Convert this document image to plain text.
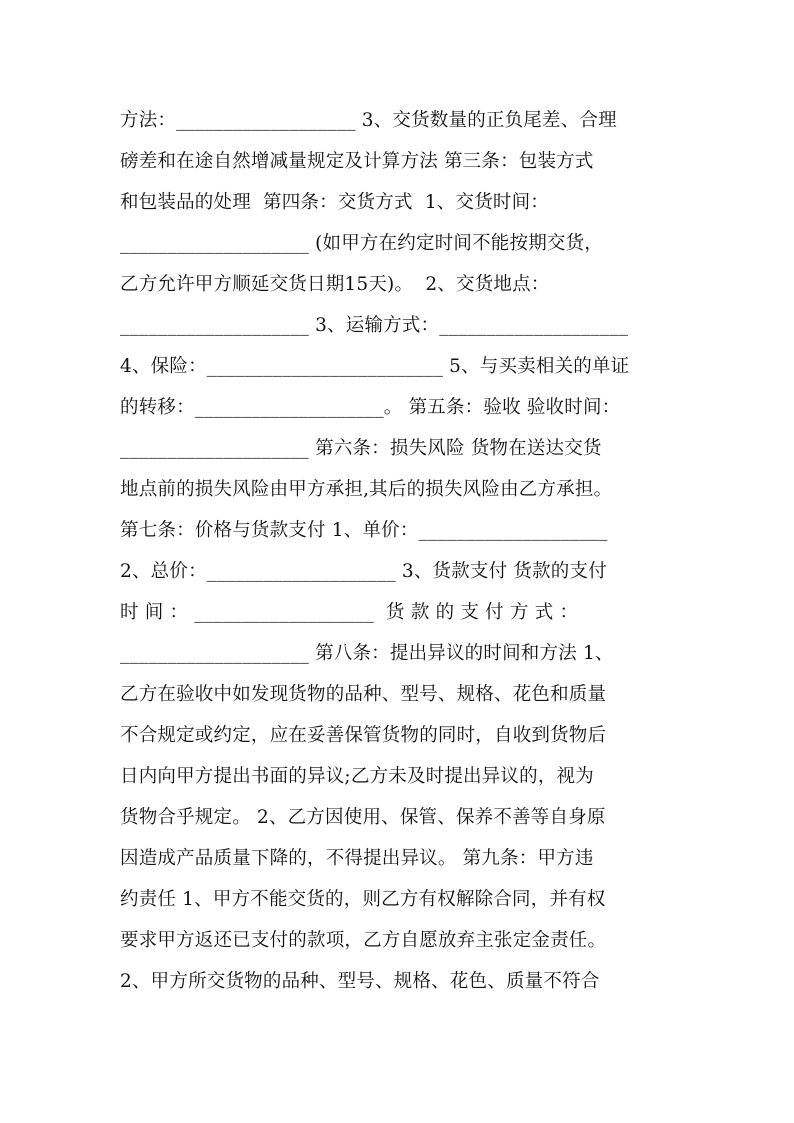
方法：___________________ 3、交货数量的正负尾差、合理
磅差和在途自然增减量规定及计算方法 第三条：包装方式
和包装品的处理  第四条：交货方式  1、交货时间：
____________________ (如甲方在约定时间不能按期交货，
乙方允许甲方顺延交货日期15天)。  2、交货地点：
____________________ 3、运输方式：____________________
4、保险：_________________________ 5、与买卖相关的单证
的转移：____________________。 第五条：验收 验收时间：
____________________ 第六条：损失风险 货物在送达交货
地点前的损失风险由甲方承担,其后的损失风险由乙方承担。
第七条：价格与货款支付 1、单价：____________________
2、总价：____________________ 3、货款支付 货款的支付
时 间 ： ___________________  货 款 的 支 付 方 式 ：
____________________ 第八条：提出异议的时间和方法 1、
乙方在验收中如发现货物的品种、型号、规格、花色和质量
不合规定或约定，应在妥善保管货物的同时，自收到货物后
日内向甲方提出书面的异议;乙方未及时提出异议的，视为
货物合乎规定。 2、乙方因使用、保管、保养不善等自身原
因造成产品质量下降的，不得提出异议。 第九条：甲方违
约责任 1、甲方不能交货的，则乙方有权解除合同，并有权
要求甲方返还已支付的款项，乙方自愿放弃主张定金责任。
2、甲方所交货物的品种、型号、规格、花色、质量不符合
